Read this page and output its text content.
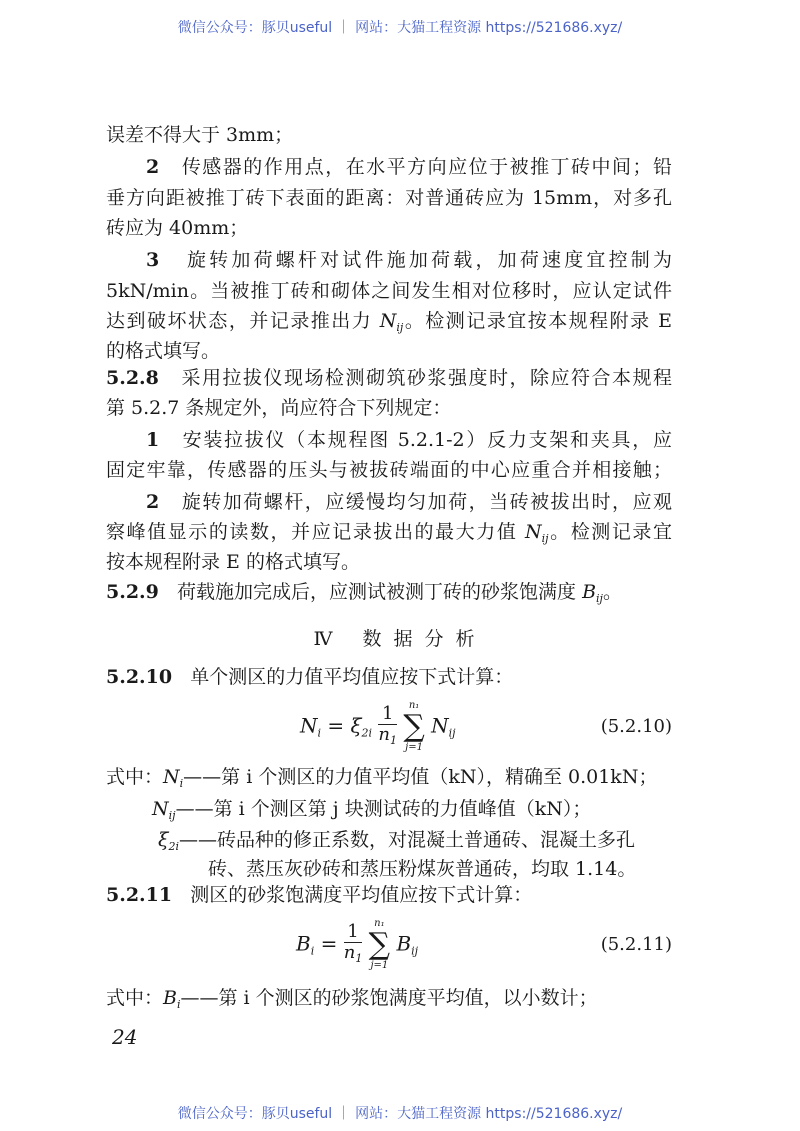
微信公众号：豚贝useful ｜ 网站：大猫工程资源 https://521686.xyz/
误差不得大于 3mm；
2 传感器的作用点，在水平方向应位于被推丁砖中间；铅
垂方向距被推丁砖下表面的距离：对普通砖应为 15mm，对多孔
砖应为 40mm；
3 旋转加荷螺杆对试件施加荷载，加荷速度宜控制为
5kN/min。当被推丁砖和砌体之间发生相对位移时，应认定试件
达到破坏状态，并记录推出力 $N_{ij}$。检测记录宜按本规程附录 E
的格式填写。
5.2.8 采用拉拔仪现场检测砌筑砂浆强度时，除应符合本规程
第 5.2.7 条规定外，尚应符合下列规定：
1 安装拉拔仪（本规程图 5.2.1-2）反力支架和夹具，应
固定牢靠，传感器的压头与被拔砖端面的中心应重合并相接触；
2 旋转加荷螺杆，应缓慢均匀加荷，当砖被拔出时，应观
察峰值显示的读数，并应记录拔出的最大力值 $N_{ij}$。检测记录宜
按本规程附录 E 的格式填写。
5.2.9 荷载施加完成后，应测试被测丁砖的砂浆饱满度 $B_{ij}$。
Ⅳ 数据分析
5.2.10 单个测区的力值平均值应按下式计算：
$N_i = \xi_{2i} \frac{1}{n_1}$	n₁
∑
j=1
$N_{ij}$	(5.2.10)
式中：$N_i——$第 i 个测区的力值平均值（kN），精确至 0.01kN；
$N_{ij}——$第 i 个测区第 j 块测试砖的力值峰值（kN）；
$\xi_{2i}——$砖品种的修正系数，对混凝土普通砖、混凝土多孔
砖、蒸压灰砂砖和蒸压粉煤灰普通砖，均取 1.14。
5.2.11 测区的砂浆饱满度平均值应按下式计算：
$B_i = \frac{1}{n_1}$	n₁
∑
j=1
$B_{ij}$	(5.2.11)
式中：$B_i——$第 i 个测区的砂浆饱满度平均值，以小数计；
24
微信公众号：豚贝useful ｜ 网站：大猫工程资源 https://521686.xyz/
